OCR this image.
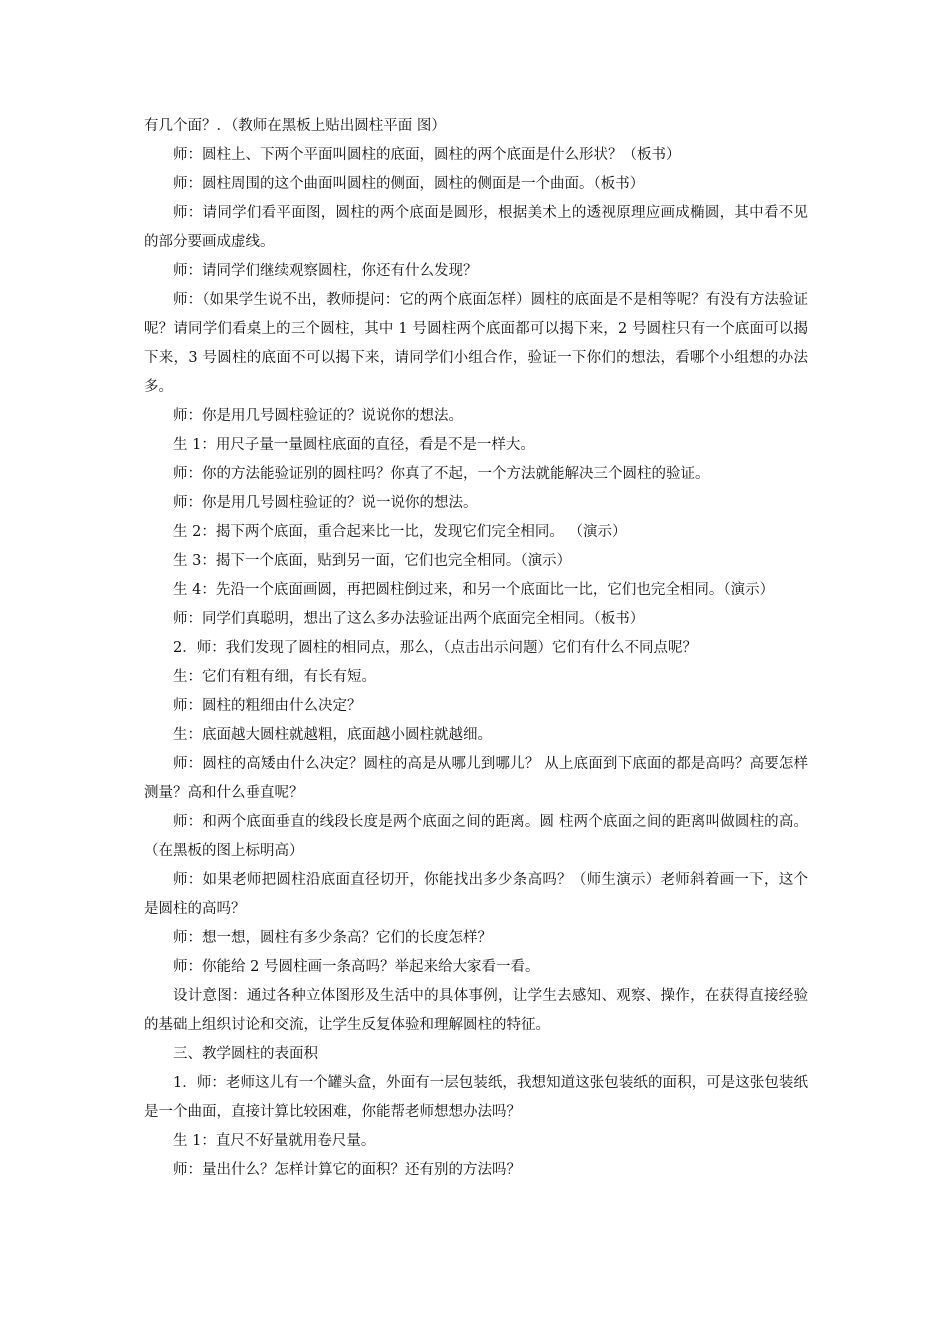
有几个面？．（教师在黑板上贴出圆柱平面 图）

师：圆柱上、下两个平面叫圆柱的底面，圆柱的两个底面是什么形状？（板书）

师：圆柱周围的这个曲面叫圆柱的侧面，圆柱的侧面是一个曲面。（板书）

师：请同学们看平面图，圆柱的两个底面是圆形，根据美术上的透视原理应画成椭圆，其中看不见的部分要画成虚线。

师：请同学们继续观察圆柱，你还有什么发现？

师：（如果学生说不出，教师提问：它的两个底面怎样）圆柱的底面是不是相等呢？有没有方法验证呢？请同学们看桌上的三个圆柱，其中 1 号圆柱两个底面都可以揭下来，2 号圆柱只有一个底面可以揭下来，3 号圆柱的底面不可以揭下来，请同学们小组合作，验证一下你们的想法，看哪个小组想的办法多。

师：你是用几号圆柱验证的？说说你的想法。

生 1：用尺子量一量圆柱底面的直径，看是不是一样大。

师：你的方法能验证别的圆柱吗？你真了不起，一个方法就能解决三个圆柱的验证。

师：你是用几号圆柱验证的？说一说你的想法。

生 2：揭下两个底面，重合起来比一比，发现它们完全相同。 （演示）

生 3：揭下一个底面，贴到另一面，它们也完全相同。（演示）

生 4：先沿一个底面画圆，再把圆柱倒过来，和另一个底面比一比，它们也完全相同。（演示）

师：同学们真聪明，想出了这么多办法验证出两个底面完全相同。（板书）

2．师：我们发现了圆柱的相同点，那么，（点击出示问题）它们有什么不同点呢？

生：它们有粗有细，有长有短。

师：圆柱的粗细由什么决定？

生：底面越大圆柱就越粗，底面越小圆柱就越细。

师：圆柱的高矮由什么决定？圆柱的高是从哪儿到哪儿？ 从上底面到下底面的都是高吗？高要怎样测量？高和什么垂直呢？

师：和两个底面垂直的线段长度是两个底面之间的距离。圆 柱两个底面之间的距离叫做圆柱的高。（在黑板的图上标明高）

师：如果老师把圆柱沿底面直径切开，你能找出多少条高吗？（师生演示）老师斜着画一下，这个是圆柱的高吗？

师：想一想，圆柱有多少条高？它们的长度怎样？

师：你能给 2 号圆柱画一条高吗？举起来给大家看一看。

设计意图：通过各种立体图形及生活中的具体事例，让学生去感知、观察、操作，在获得直接经验的基础上组织讨论和交流，让学生反复体验和理解圆柱的特征。

三、教学圆柱的表面积

1．师：老师这儿有一个罐头盒，外面有一层包装纸，我想知道这张包装纸的面积，可是这张包装纸是一个曲面，直接计算比较困难，你能帮老师想想办法吗？

生 1：直尺不好量就用卷尺量。

师：量出什么？怎样计算它的面积？还有别的方法吗？
